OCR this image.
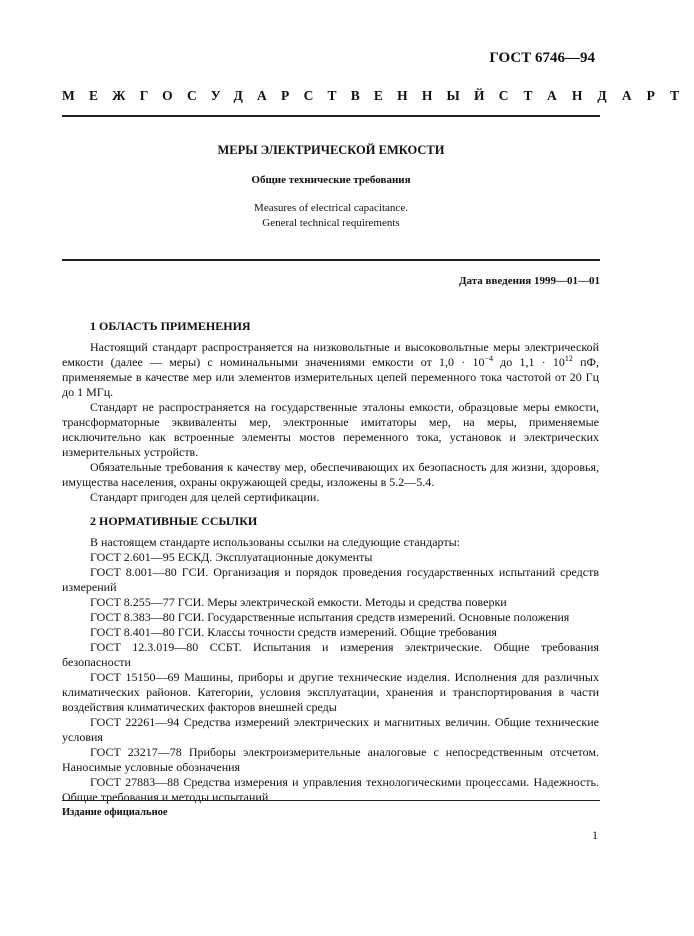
ГОСТ 6746—94
МЕЖГОСУДАРСТВЕННЫЙ СТАНДАРТ
МЕРЫ ЭЛЕКТРИЧЕСКОЙ ЕМКОСТИ
Общие технические требования
Measures of electrical capacitance.
General technical requirements
Дата введения 1999—01—01
1 ОБЛАСТЬ ПРИМЕНЕНИЯ

Настоящий стандарт распространяется на низковольтные и высоковольтные меры электрической емкости (далее — меры) с номинальными значениями емкости от $1,0 \cdot 10^{-4}$ до $1,1 \cdot 10^{12}$ пФ, применяемые в качестве мер или элементов измерительных цепей переменного тока частотой от 20 Гц до 1 МГц.

Стандарт не распространяется на государственные эталоны емкости, образцовые меры емкости, трансформаторные эквиваленты мер, электронные имитаторы мер, на меры, применяемые исключительно как встроенные элементы мостов переменного тока, установок и электрических измерительных устройств.

Обязательные требования к качеству мер, обеспечивающих их безопасность для жизни, здоровья, имущества населения, охраны окружающей среды, изложены в 5.2—5.4.

Стандарт пригоден для целей сертификации.

2 НОРМАТИВНЫЕ ССЫЛКИ

В настоящем стандарте использованы ссылки на следующие стандарты:

ГОСТ 2.601—95 ЕСКД. Эксплуатационные документы

ГОСТ 8.001—80 ГСИ. Организация и порядок проведения государственных испытаний средств измерений

ГОСТ 8.255—77 ГСИ. Меры электрической емкости. Методы и средства поверки

ГОСТ 8.383—80 ГСИ. Государственные испытания средств измерений. Основные положения

ГОСТ 8.401—80 ГСИ. Классы точности средств измерений. Общие требования

ГОСТ 12.3.019—80 ССБТ. Испытания и измерения электрические. Общие требования безопасности

ГОСТ 15150—69 Машины, приборы и другие технические изделия. Исполнения для различных климатических районов. Категории, условия эксплуатации, хранения и транспортирования в части воздействия климатических факторов внешней среды

ГОСТ 22261—94 Средства измерений электрических и магнитных величин. Общие технические условия

ГОСТ 23217—78 Приборы электроизмерительные аналоговые с непосредственным отсчетом. Наносимые условные обозначения

ГОСТ 27883—88 Средства измерения и управления технологическими процессами. Надежность. Общие требования и методы испытаний

Издание официальное
1
